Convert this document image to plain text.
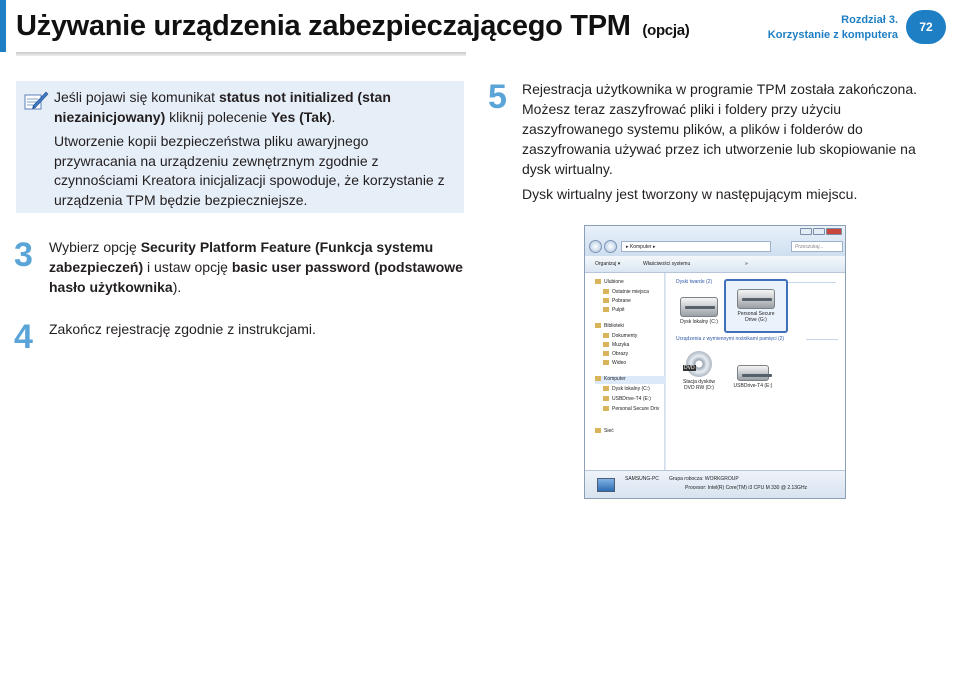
Używanie urządzenia zabezpieczającego TPM (opcja)
Rozdział 3.
Korzystanie z komputera
72

Jeśli pojawi się komunikat status not initialized (stan niezainicjowany) kliknij polecenie Yes (Tak).

Utworzenie kopii bezpieczeństwa pliku awaryjnego przywracania na urządzeniu zewnętrznym zgodnie z czynnościami Kreatora inicjalizacji spowoduje, że korzystanie z urządzenia TPM będzie bezpieczniejsze.

3 Wybierz opcję Security Platform Feature (Funkcja systemu zabezpieczeń) i ustaw opcję basic user password (podstawowe hasło użytkownika).
4 Zakończ rejestrację zgodnie z instrukcjami.
5 Rejestracja użytkownika w programie TPM została zakończona. Możesz teraz zaszyfrować pliki i foldery przy użyciu zaszyfrowanego systemu plików, a plików i folderów do zaszyfrowania używać przez ich utworzenie lub skopiowanie na dysk wirtualny.
Dysk wirtualny jest tworzony w następującym miejscu.
▸ Komputer ▸	Przeszukaj...
Organizuj ▾	Właściwości systemu	»
Ulubione
Ostatnie miejsca
Pobrane
Pulpit
Biblioteki
Dokumenty
Muzyka
Obrazy
Wideo
Komputer
Dysk lokalny (C:)
USBDrive-T4 (E:)
Personal Secure Driv
Sieć
Dyski twarde (2)
Dysk lokalny (C:)
Personal Secure
Drive (G:)
Urządzenia z wymiennymi nośnikami pamięci (2)
DVD
Stacja dysków
DVD RW (D:)	USBDrive-T4 (E:)
SAMSUNG-PC Grupa robocza: WORKGROUP
Procesor: Intel(R) Core(TM) i3 CPU M 330 @ 2.13GHz
